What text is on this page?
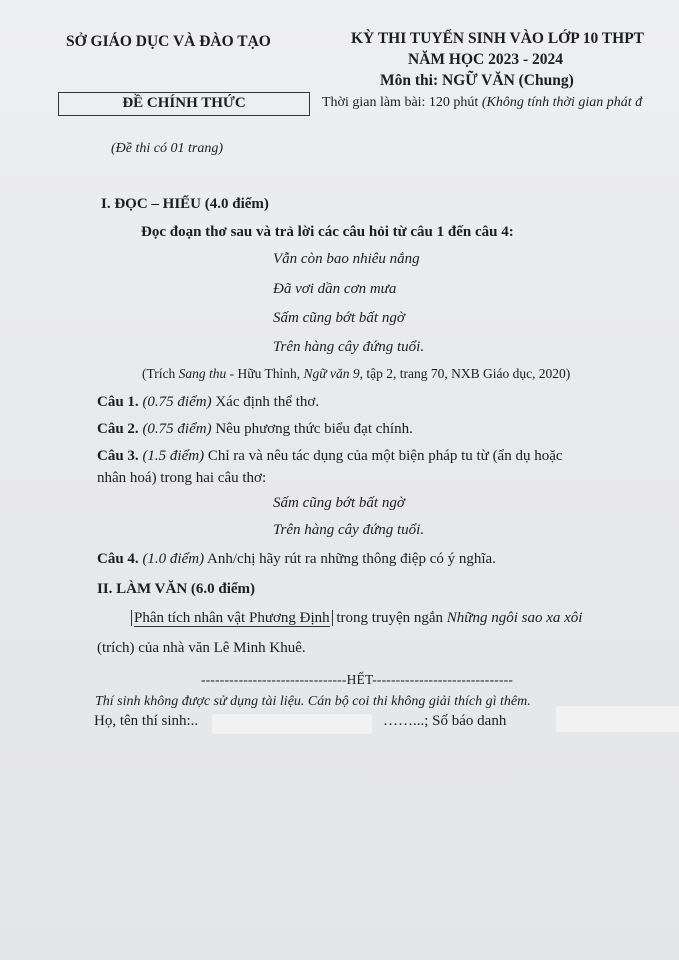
SỞ GIÁO DỤC VÀ ĐÀO TẠO	KỲ THI TUYỂN SINH VÀO LỚP 10 THPT
NĂM HỌC 2023 - 2024
Môn thi: NGỮ VĂN (Chung)
ĐỀ CHÍNH THỨC	Thời gian làm bài: 120 phút (Không tính thời gian phát đ
(Đề thi có 01 trang)
I. ĐỌC – HIỂU (4.0 điểm)
Đọc đoạn thơ sau và trả lời các câu hỏi từ câu 1 đến câu 4:
Vẫn còn bao nhiêu nắng
Đã vơi dần cơn mưa
Sấm cũng bớt bất ngờ
Trên hàng cây đứng tuổi.
(Trích Sang thu - Hữu Thỉnh, Ngữ văn 9, tập 2, trang 70, NXB Giáo dục, 2020)
Câu 1. (0.75 điểm) Xác định thể thơ.
Câu 2. (0.75 điểm) Nêu phương thức biểu đạt chính.
Câu 3. (1.5 điểm) Chỉ ra và nêu tác dụng của một biện pháp tu từ (ẩn dụ hoặc
nhân hoá) trong hai câu thơ:
Sấm cũng bớt bất ngờ
Trên hàng cây đứng tuổi.
Câu 4. (1.0 điểm) Anh/chị hãy rút ra những thông điệp có ý nghĩa.
II. LÀM VĂN (6.0 điểm)
Phân tích nhân vật Phương Định trong truyện ngắn Những ngôi sao xa xôi
(trích) của nhà văn Lê Minh Khuê.
-------------------------------HẾT------------------------------
Thí sinh không được sử dụng tài liệu. Cán bộ coi thi không giải thích gì thêm.
Họ, tên thí sinh:..	……...; Số báo danh
